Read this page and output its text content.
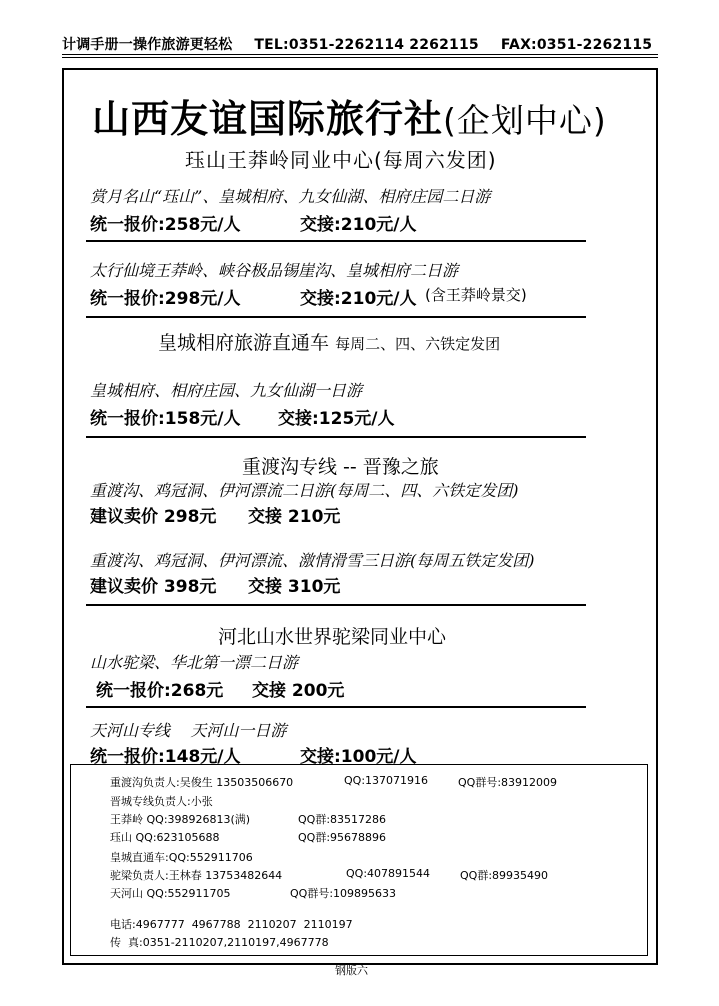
计调手册一操作旅游更轻松 TEL:0351-2262114 2262115 FAX:0351-2262115
山西友谊国际旅行社(企划中心)
珏山王莽岭同业中心(每周六发团)
赏月名山“珏山”、皇城相府、九女仙湖、相府庄园二日游
统一报价:258元/人	交接:210元/人
太行仙境王莽岭、峡谷极品锡崖沟、皇城相府二日游
统一报价:298元/人	交接:210元/人 (含王莽岭景交)
皇城相府旅游直通车 每周二、四、六铁定发团
皇城相府、相府庄园、九女仙湖一日游
统一报价:158元/人 交接:125元/人
重渡沟专线 -- 晋豫之旅
重渡沟、鸡冠洞、伊河漂流二日游(每周二、四、六铁定发团)
建议卖价 298元 交接 210元
重渡沟、鸡冠洞、伊河漂流、激情滑雪三日游(每周五铁定发团)
建议卖价 398元 交接 310元
河北山水世界驼梁同业中心
山水驼梁、华北第一漂二日游
统一报价:268元 交接 200元
天河山专线    天河山一日游
统一报价:148元/人	交接:100元/人
重渡沟负责人:吴俊生 13503506670	QQ:137071916	QQ群号:83912009
晋城专线负责人:小张
王莽岭 QQ:398926813(满)	QQ群:83517286
珏山 QQ:623105688	QQ群:95678896
皇城直通车:QQ:552911706
驼梁负责人:王林春 13753482644	QQ:407891544	QQ群:89935490
天河山 QQ:552911705	QQ群号:109895633

电话:4967777  4967788  2110207  2110197

传  真:0351-2110207,2110197,4967778

钢版六
